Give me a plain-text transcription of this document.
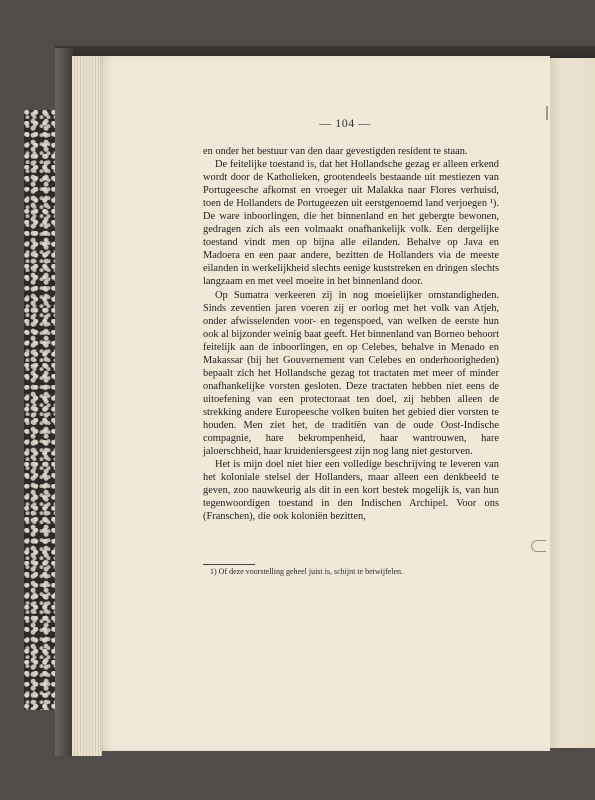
— 104 —

en onder het bestuur van den daar gevestigden resident te staan.

De feitelijke toestand is, dat het Hollandsche gezag er alleen erkend wordt door de Katholieken, grootendeels bestaande uit mestiezen van Portugeesche afkomst en vroeger uit Malakka naar Flores verhuisd, toen de Hollanders de Portugeezen uit eerstgenoemd land verjoegen ¹). De ware inboorlingen, die het binnenland en het gebergte bewonen, gedragen zich als een volmaakt onafhankelijk volk. Een dergelijke toestand vindt men op bijna alle eilanden. Behalve op Java en Madoera en een paar andere, bezitten de Hollanders via de meeste eilanden in werkelijkheid slechts eenige kuststreken en dringen slechts langzaam en met veel moeite in het binnenland door.

Op Sumatra verkeeren zij in nog moeielijker omstandigheden. Sinds zeventien jaren voeren zij er oorlog met het volk van Atjeh, onder afwisselenden voor- en tegenspoed, van welken de eerste hun ook al bijzonder weinig baat geeft. Het binnenland van Borneo behoort feitelijk aan de inboorlingen, en op Celebes, behalve in Menado en Makassar (bij het Gouvernement van Celebes en onderhoorigheden) bepaalt zich het Hollandsche gezag tot tractaten met meer of minder onafhankelijke vorsten gesloten. Deze tractaten hebben niet eens de uitoefening van een protectoraat ten doel, zij hebben alleen de strekking andere Europeesche volken buiten het gebied dier vorsten te houden. Men ziet het, de traditiën van de oude Oost-Indische compagnie, hare bekrompenheid, haar wantrouwen, hare jaloerschheid, haar kruideniersgeest zijn nog lang niet gestorven.

Het is mijn doel niet hier een volledige beschrijving te leveren van het koloniale stelsel der Hollanders, maar alleen een denkbeeld te geven, zoo nauwkeurig als dit in een kort bestek mogelijk is, van hun tegenwoordigen toestand in den Indischen Archipel. Voor ons (Franschen), die ook koloniën bezitten,

1) Of deze voorstelling geheel juist is, schijnt te betwijfelen.
